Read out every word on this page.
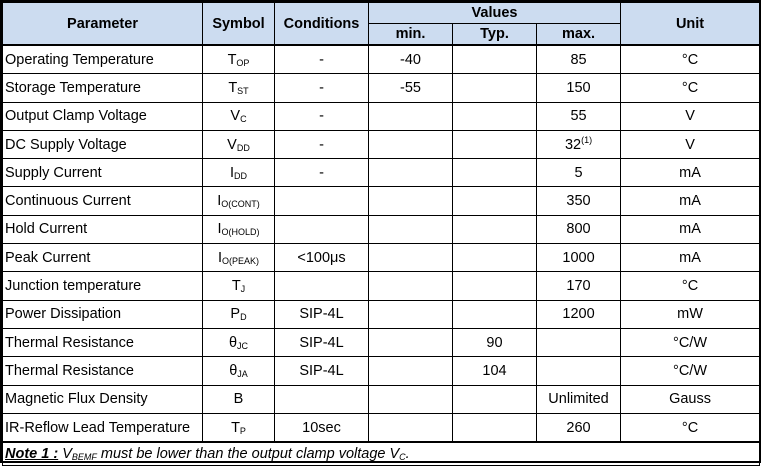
Parameter	Symbol	Conditions	Values			Unit
			min.	Typ.	max.	
Operating Temperature	$T_{OP}$	-	-40		85	°C
Storage Temperature	$T_{ST}$	-	-55		150	°C
Output Clamp Voltage	$V_C$	-			55	V
DC Supply Voltage	$V_{DD}$	-			32$^{(1)}$	V
Supply Current	$I_{DD}$	-			5	mA
Continuous Current	$I_{O(CONT)}$				350	mA
Hold Current	$I_{O(HOLD)}$				800	mA
Peak Current	$I_{O(PEAK)}$	<100μs			1000	mA
Junction temperature	$T_J$				170	°C
Power Dissipation	$P_D$	SIP-4L			1200	mW
Thermal Resistance	$\theta_{JC}$	SIP-4L		90		°C/W
Thermal Resistance	$\theta_{JA}$	SIP-4L		104		°C/W
Magnetic Flux Density	B				Unlimited	Gauss
IR-Reflow Lead Temperature	$T_P$	10sec			260	°C
Note 1 : VBEMF must be lower than the output clamp voltage VC.						
